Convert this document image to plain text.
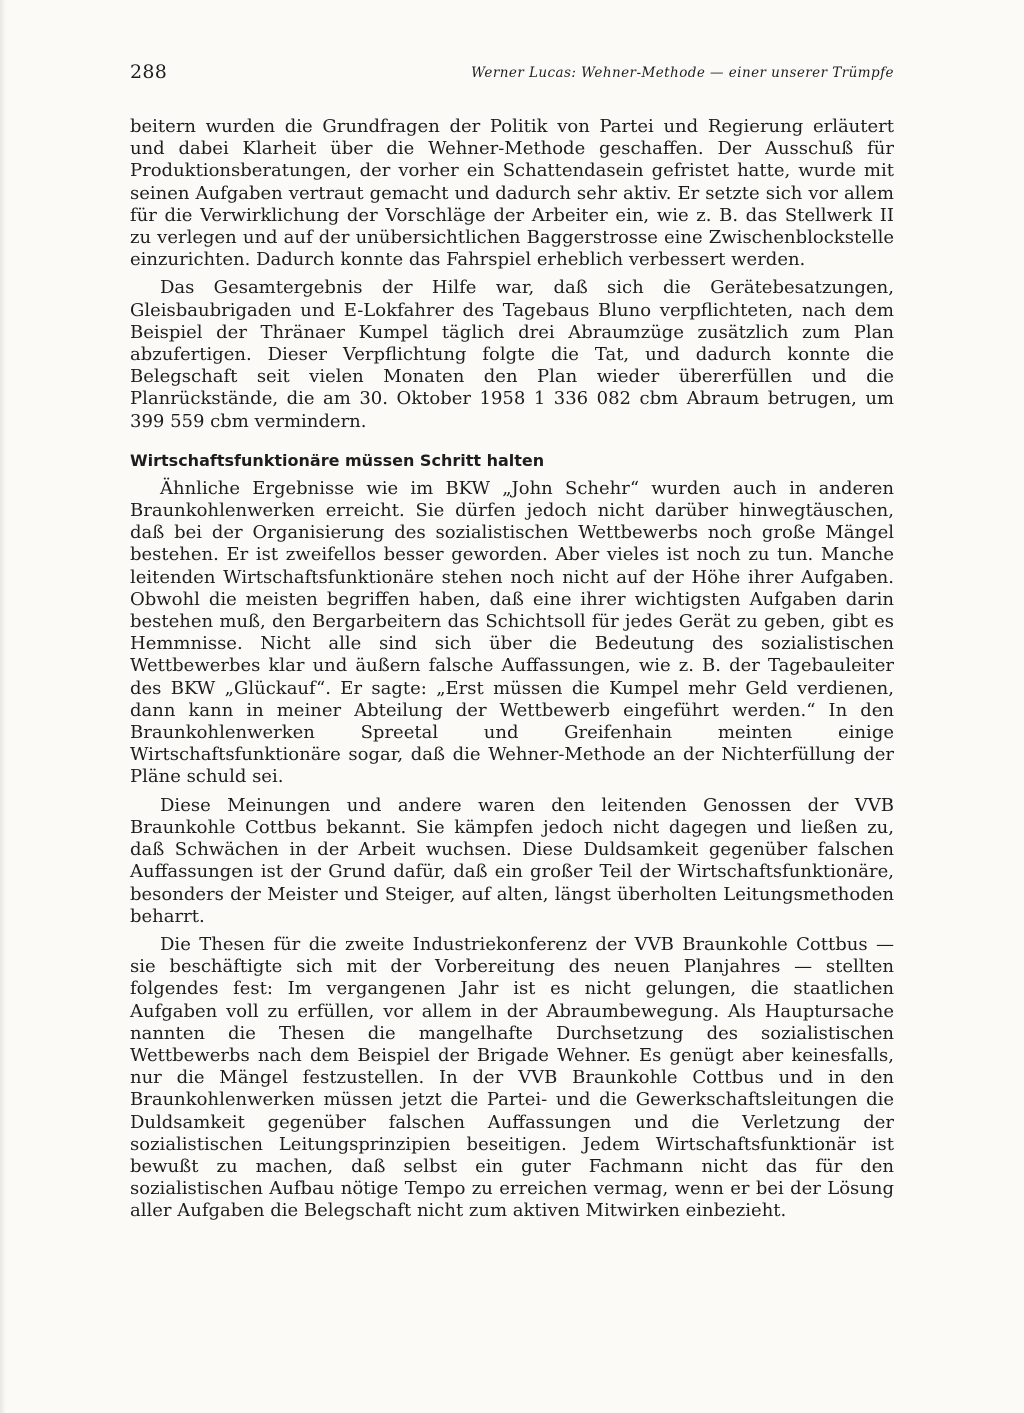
288	Werner Lucas: Wehner-Methode — einer unserer Trümpfe

beitern wurden die Grundfragen der Politik von Partei und Regierung erläutert und dabei Klarheit über die Wehner-Methode geschaffen. Der Ausschuß für Produktionsberatungen, der vorher ein Schattendasein gefristet hatte, wurde mit seinen Aufgaben vertraut gemacht und dadurch sehr aktiv. Er setzte sich vor allem für die Verwirklichung der Vorschläge der Arbeiter ein, wie z. B. das Stellwerk II zu verlegen und auf der unübersichtlichen Baggerstrosse eine Zwischenblockstelle einzurichten. Dadurch konnte das Fahrspiel erheblich verbessert werden.

Das Gesamtergebnis der Hilfe war, daß sich die Gerätebesatzungen, Gleisbaubrigaden und E-Lokfahrer des Tagebaus Bluno verpflichteten, nach dem Beispiel der Thränaer Kumpel täglich drei Abraumzüge zusätzlich zum Plan abzufertigen. Dieser Verpflichtung folgte die Tat, und dadurch konnte die Belegschaft seit vielen Monaten den Plan wieder übererfüllen und die Planrückstände, die am 30. Oktober 1958 1 336 082 cbm Abraum betrugen, um 399 559 cbm vermindern.

Wirtschaftsfunktionäre müssen Schritt halten

Ähnliche Ergebnisse wie im BKW „John Schehr“ wurden auch in anderen Braunkohlenwerken erreicht. Sie dürfen jedoch nicht darüber hinwegtäuschen, daß bei der Organisierung des sozialistischen Wettbewerbs noch große Mängel bestehen. Er ist zweifellos besser geworden. Aber vieles ist noch zu tun. Manche leitenden Wirtschaftsfunktionäre stehen noch nicht auf der Höhe ihrer Aufgaben. Obwohl die meisten begriffen haben, daß eine ihrer wichtigsten Aufgaben darin bestehen muß, den Bergarbeitern das Schichtsoll für jedes Gerät zu geben, gibt es Hemmnisse. Nicht alle sind sich über die Bedeutung des sozialistischen Wettbewerbes klar und äußern falsche Auffassungen, wie z. B. der Tagebauleiter des BKW „Glückauf“. Er sagte: „Erst müssen die Kumpel mehr Geld verdienen, dann kann in meiner Abteilung der Wettbewerb eingeführt werden.“ In den Braunkohlenwerken Spreetal und Greifenhain meinten einige Wirtschaftsfunktionäre sogar, daß die Wehner-Methode an der Nichterfüllung der Pläne schuld sei.

Diese Meinungen und andere waren den leitenden Genossen der VVB Braunkohle Cottbus bekannt. Sie kämpfen jedoch nicht dagegen und ließen zu, daß Schwächen in der Arbeit wuchsen. Diese Duldsamkeit gegenüber falschen Auffassungen ist der Grund dafür, daß ein großer Teil der Wirtschaftsfunktionäre, besonders der Meister und Steiger, auf alten, längst überholten Leitungsmethoden beharrt.

Die Thesen für die zweite Industriekonferenz der VVB Braunkohle Cottbus — sie beschäftigte sich mit der Vorbereitung des neuen Planjahres — stellten folgendes fest: Im vergangenen Jahr ist es nicht gelungen, die staatlichen Aufgaben voll zu erfüllen, vor allem in der Abraumbewegung. Als Hauptursache nannten die Thesen die mangelhafte Durchsetzung des sozialistischen Wettbewerbs nach dem Beispiel der Brigade Wehner. Es genügt aber keinesfalls, nur die Mängel festzustellen. In der VVB Braunkohle Cottbus und in den Braunkohlenwerken müssen jetzt die Partei- und die Gewerkschaftsleitungen die Duldsamkeit gegenüber falschen Auffassungen und die Verletzung der sozialistischen Leitungsprinzipien beseitigen. Jedem Wirtschaftsfunktionär ist bewußt zu machen, daß selbst ein guter Fachmann nicht das für den sozialistischen Aufbau nötige Tempo zu erreichen vermag, wenn er bei der Lösung aller Aufgaben die Belegschaft nicht zum aktiven Mitwirken einbezieht.
